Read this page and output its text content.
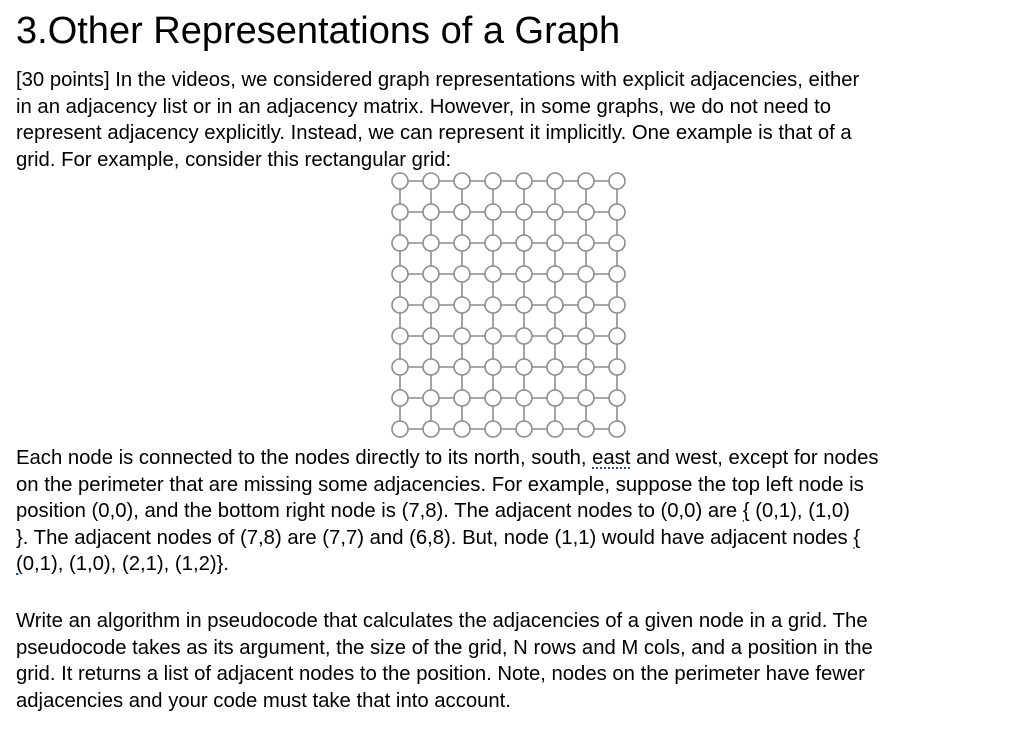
3.Other Representations of a Graph

[30 points] In the videos, we considered graph representations with explicit adjacencies, either
in an adjacency list or in an adjacency matrix. However, in some graphs, we do not need to
represent adjacency explicitly. Instead, we can represent it implicitly. One example is that of a
grid. For example, consider this rectangular grid:

Each node is connected to the nodes directly to its north, south, east and west, except for nodes
on the perimeter that are missing some adjacencies. For example, suppose the top left node is
position (0,0), and the bottom right node is (7,8). The adjacent nodes to (0,0) are { (0,1), (1,0)
}. The adjacent nodes of (7,8) are (7,7) and (6,8). But, node (1,1) would have adjacent nodes {
(0,1), (1,0), (2,1), (1,2)}.

Write an algorithm in pseudocode that calculates the adjacencies of a given node in a grid. The
pseudocode takes as its argument, the size of the grid, N rows and M cols, and a position in the
grid. It returns a list of adjacent nodes to the position. Note, nodes on the perimeter have fewer
adjacencies and your code must take that into account.
